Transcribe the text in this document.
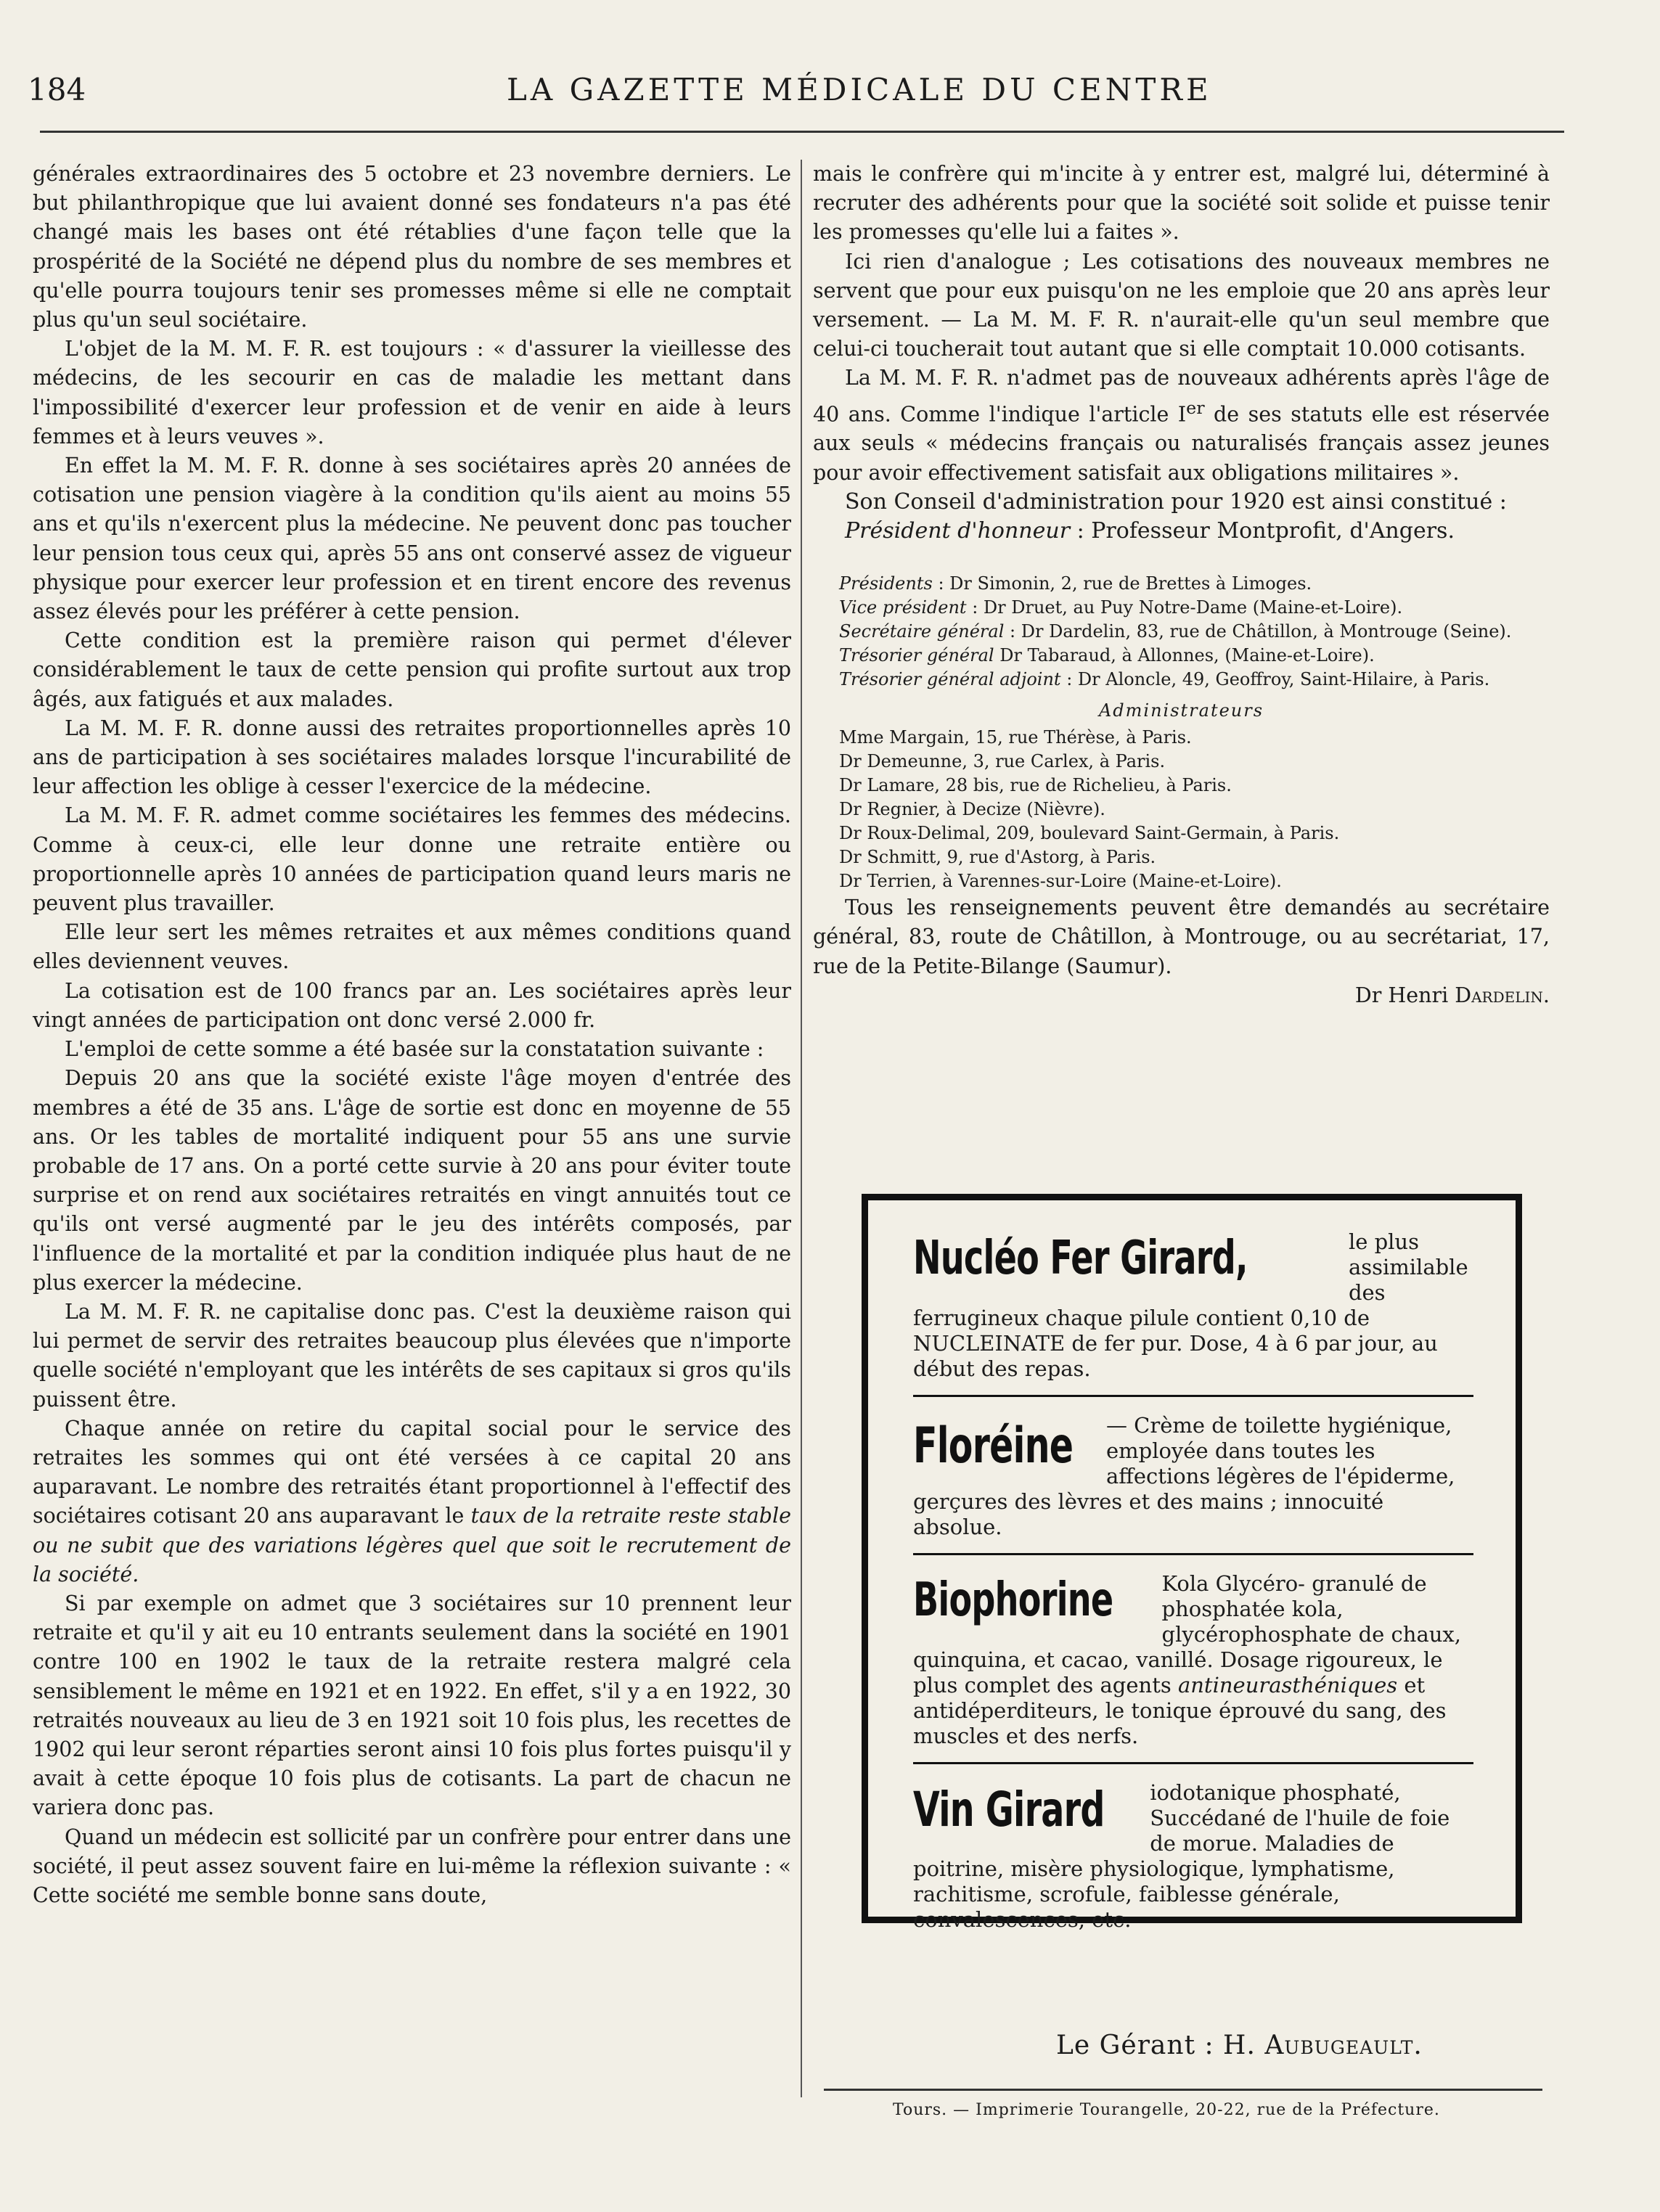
184	LA GAZETTE MÉDICALE DU CENTRE

générales extraordinaires des 5 octobre et 23 novembre derniers. Le but philanthropique que lui avaient donné ses fondateurs n'a pas été changé mais les bases ont été rétablies d'une façon telle que la prospérité de la Société ne dépend plus du nombre de ses membres et qu'elle pourra toujours tenir ses promesses même si elle ne comptait plus qu'un seul sociétaire.

L'objet de la M. M. F. R. est toujours : « d'assurer la vieillesse des médecins, de les secourir en cas de maladie les mettant dans l'impossibilité d'exercer leur profession et de venir en aide à leurs femmes et à leurs veuves ».

En effet la M. M. F. R. donne à ses sociétaires après 20 années de cotisation une pension viagère à la condition qu'ils aient au moins 55 ans et qu'ils n'exercent plus la médecine. Ne peuvent donc pas toucher leur pension tous ceux qui, après 55 ans ont conservé assez de vigueur physique pour exercer leur profession et en tirent encore des revenus assez élevés pour les préférer à cette pension.

Cette condition est la première raison qui permet d'élever considérablement le taux de cette pension qui profite surtout aux trop âgés, aux fatigués et aux malades.

La M. M. F. R. donne aussi des retraites proportionnelles après 10 ans de participation à ses sociétaires malades lorsque l'incurabilité de leur affection les oblige à cesser l'exercice de la médecine.

La M. M. F. R. admet comme sociétaires les femmes des médecins. Comme à ceux-ci, elle leur donne une retraite entière ou proportionnelle après 10 années de participation quand leurs maris ne peuvent plus travailler.

Elle leur sert les mêmes retraites et aux mêmes conditions quand elles deviennent veuves.

La cotisation est de 100 francs par an. Les sociétaires après leur vingt années de participation ont donc versé 2.000 fr.

L'emploi de cette somme a été basée sur la constatation suivante :

Depuis 20 ans que la société existe l'âge moyen d'entrée des membres a été de 35 ans. L'âge de sortie est donc en moyenne de 55 ans. Or les tables de mortalité indiquent pour 55 ans une survie probable de 17 ans. On a porté cette survie à 20 ans pour éviter toute surprise et on rend aux sociétaires retraités en vingt annuités tout ce qu'ils ont versé augmenté par le jeu des intérêts composés, par l'influence de la mortalité et par la condition indiquée plus haut de ne plus exercer la médecine.

La M. M. F. R. ne capitalise donc pas. C'est la deuxième raison qui lui permet de servir des retraites beaucoup plus élevées que n'importe quelle société n'employant que les intérêts de ses capitaux si gros qu'ils puissent être.

Chaque année on retire du capital social pour le service des retraites les sommes qui ont été versées à ce capital 20 ans auparavant. Le nombre des retraités étant proportionnel à l'effectif des sociétaires cotisant 20 ans auparavant le taux de la retraite reste stable ou ne subit que des variations légères quel que soit le recrutement de la société.

Si par exemple on admet que 3 sociétaires sur 10 prennent leur retraite et qu'il y ait eu 10 entrants seulement dans la société en 1901 contre 100 en 1902 le taux de la retraite restera malgré cela sensiblement le même en 1921 et en 1922. En effet, s'il y a en 1922, 30 retraités nouveaux au lieu de 3 en 1921 soit 10 fois plus, les recettes de 1902 qui leur seront réparties seront ainsi 10 fois plus fortes puisqu'il y avait à cette époque 10 fois plus de cotisants. La part de chacun ne variera donc pas.

Quand un médecin est sollicité par un confrère pour entrer dans une société, il peut assez souvent faire en lui-même la réflexion suivante : « Cette société me semble bonne sans doute,

mais le confrère qui m'incite à y entrer est, malgré lui, déterminé à recruter des adhérents pour que la société soit solide et puisse tenir les promesses qu'elle lui a faites ».

Ici rien d'analogue ; Les cotisations des nouveaux membres ne servent que pour eux puisqu'on ne les emploie que 20 ans après leur versement. — La M. M. F. R. n'aurait-elle qu'un seul membre que celui-ci toucherait tout autant que si elle comptait 10.000 cotisants.

La M. M. F. R. n'admet pas de nouveaux adhérents après l'âge de 40 ans. Comme l'indique l'article Ier de ses statuts elle est réservée aux seuls « médecins français ou naturalisés français assez jeunes pour avoir effectivement satisfait aux obligations militaires ».

Son Conseil d'administration pour 1920 est ainsi constitué :

Président d'honneur : Professeur Montprofit, d'Angers.

Présidents : Dr Simonin, 2, rue de Brettes à Limoges.

Vice président : Dr Druet, au Puy Notre-Dame (Maine-et-Loire).

Secrétaire général : Dr Dardelin, 83, rue de Châtillon, à Montrouge (Seine).

Trésorier général Dr Tabaraud, à Allonnes, (Maine-et-Loire).

Trésorier général adjoint : Dr Aloncle, 49, Geoffroy, Saint-Hilaire, à Paris.

Administrateurs

Mme Margain, 15, rue Thérèse, à Paris.

Dr Demeunne, 3, rue Carlex, à Paris.

Dr Lamare, 28 bis, rue de Richelieu, à Paris.

Dr Regnier, à Decize (Nièvre).

Dr Roux-Delimal, 209, boulevard Saint-Germain, à Paris.

Dr Schmitt, 9, rue d'Astorg, à Paris.

Dr Terrien, à Varennes-sur-Loire (Maine-et-Loire).

Tous les renseignements peuvent être demandés au secrétaire général, 83, route de Châtillon, à Montrouge, ou au secrétariat, 17, rue de la Petite-Bilange (Saumur).

Dr Henri Dardelin.

Nucléo Fer Girard,	le plus assimilable des ferrugineux chaque pilule contient 0,10 de NUCLEINATE de fer pur. Dose, 4 à 6 par jour, au début des repas.
Floréine — Crème de toilette hygiénique, employée dans toutes les affections légères de l'épiderme, gerçures des lèvres et des mains ; innocuité absolue.
Biophorine Kola Glycéro- granulé de phosphatée kola, glycérophosphate de chaux, quinquina, et cacao, vanillé. Dosage rigoureux, le plus complet des agents antineurasthéniques et antidéperditeurs, le tonique éprouvé du sang, des muscles et des nerfs.
Vin Girard iodotanique phosphaté, Succédané de l'huile de foie de morue. Maladies de poitrine, misère physiologique, lymphatisme, rachitisme, scrofule, faiblesse générale, convalescences, etc.
Le Gérant : H. Aubugeault.
Tours. — Imprimerie Tourangelle, 20-22, rue de la Préfecture.
